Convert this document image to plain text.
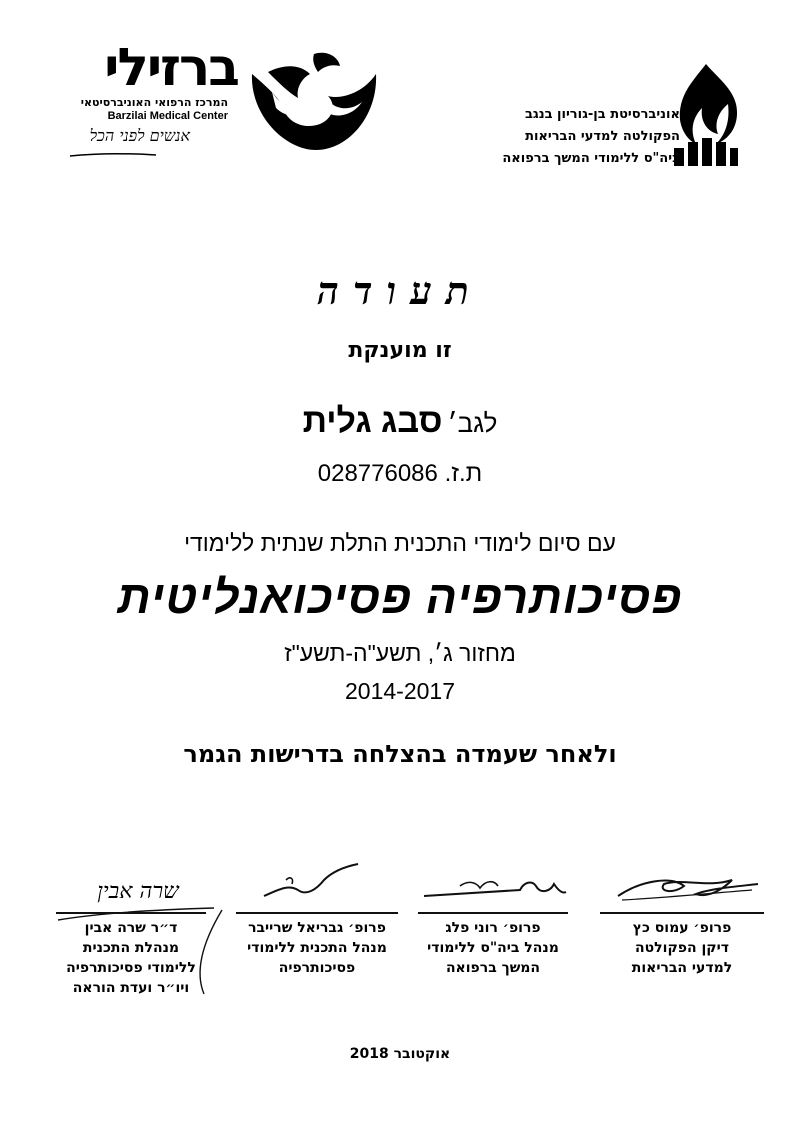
ברזילי
המרכז הרפואי האוניברסיטאי
Barzilai Medical Center
אנשים לפני הכל
אוניברסיטת בן-גוריון בנגב
הפקולטה למדעי הבריאות
ביה"ס ללימודי המשך ברפואה
תעודה
זו מוענקת
לגב׳ סבג גלית
ת.ז. 028776086
עם סיום לימודי התכנית התלת שנתית ללימודי
פסיכותרפיה פסיכואנליטית
מחזור ג׳, תשע"ה-תשע"ז
2014-2017
ולאחר שעמדה בהצלחה בדרישות הגמר
פרופ׳ עמוס כץ
דיקן הפקולטה
למדעי הבריאות
פרופ׳ רוני פלג
מנהל ביה"ס ללימודי
המשך ברפואה
פרופ׳ גבריאל שרייבר
מנהל התכנית ללימודי
פסיכותרפיה
שרה אבין
ד״ר שרה אבין
מנהלת התכנית
ללימודי פסיכותרפיה
ויו״ר ועדת הוראה
אוקטובר 2018
